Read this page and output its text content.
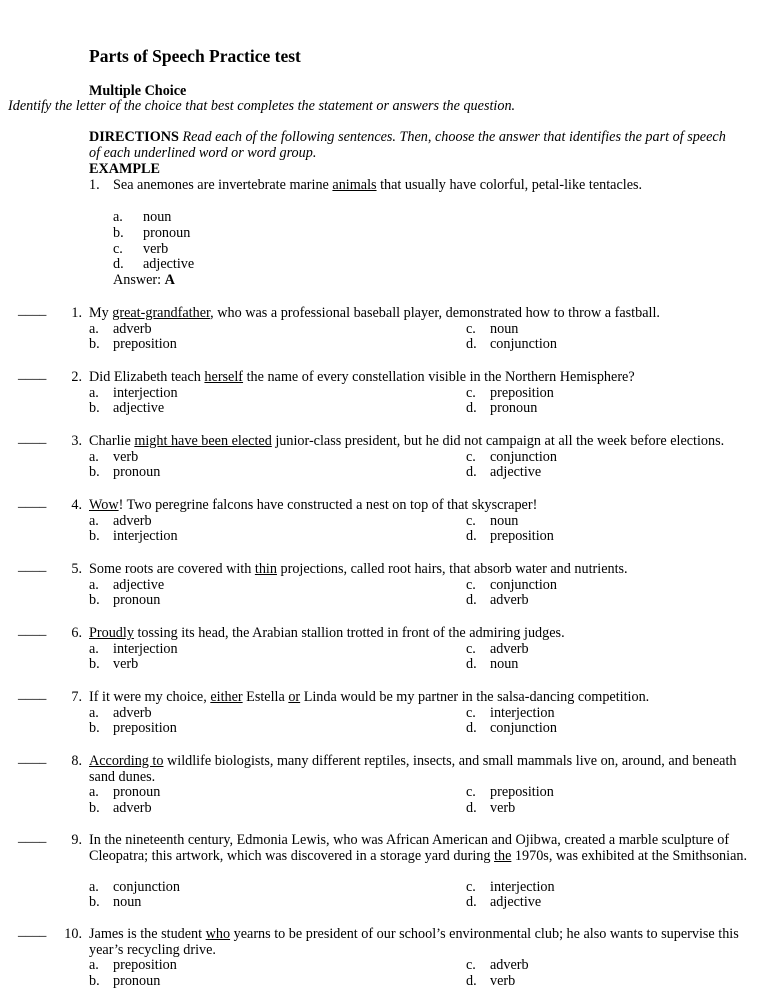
Parts of Speech Practice test
Multiple Choice
Identify the letter of the choice that best completes the statement or answers the question.
DIRECTIONS Read each of the following sentences. Then, choose the answer that identifies the part of speech of each underlined word or word group.
EXAMPLE
1. Sea anemones are invertebrate marine animals that usually have colorful, petal-like tentacles.
a. noun
b. pronoun
c. verb
d. adjective
Answer: A
____	1. My great-grandfather, who was a professional baseball player, demonstrated how to throw a fastball.
a. adverb
b. preposition
c. noun
d. conjunction
____	2. Did Elizabeth teach herself the name of every constellation visible in the Northern Hemisphere?
a. interjection
b. adjective
c. preposition
d. pronoun
____	3. Charlie might have been elected junior-class president, but he did not campaign at all the week before elections.
a. verb
b. pronoun
c. conjunction
d. adjective
____	4. Wow! Two peregrine falcons have constructed a nest on top of that skyscraper!
a. adverb
b. interjection
c. noun
d. preposition
____	5. Some roots are covered with thin projections, called root hairs, that absorb water and nutrients.
a. adjective
b. pronoun
c. conjunction
d. adverb
____	6. Proudly tossing its head, the Arabian stallion trotted in front of the admiring judges.
a. interjection
b. verb
c. adverb
d. noun
____	7. If it were my choice, either Estella or Linda would be my partner in the salsa-dancing competition.
a. adverb
b. preposition
c. interjection
d. conjunction
____	8. According to wildlife biologists, many different reptiles, insects, and small mammals live on, around, and beneath sand dunes.
a. pronoun
b. adverb
c. preposition
d. verb
____	9. In the nineteenth century, Edmonia Lewis, who was African American and Ojibwa, created a marble sculpture of Cleopatra; this artwork, which was discovered in a storage yard during the 1970s, was exhibited at the Smithsonian.
a. conjunction
b. noun
c. interjection
d. adjective
____	10. James is the student who yearns to be president of our school’s environmental club; he also wants to supervise this year’s recycling drive.
a. preposition
b. pronoun
c. adverb
d. verb
